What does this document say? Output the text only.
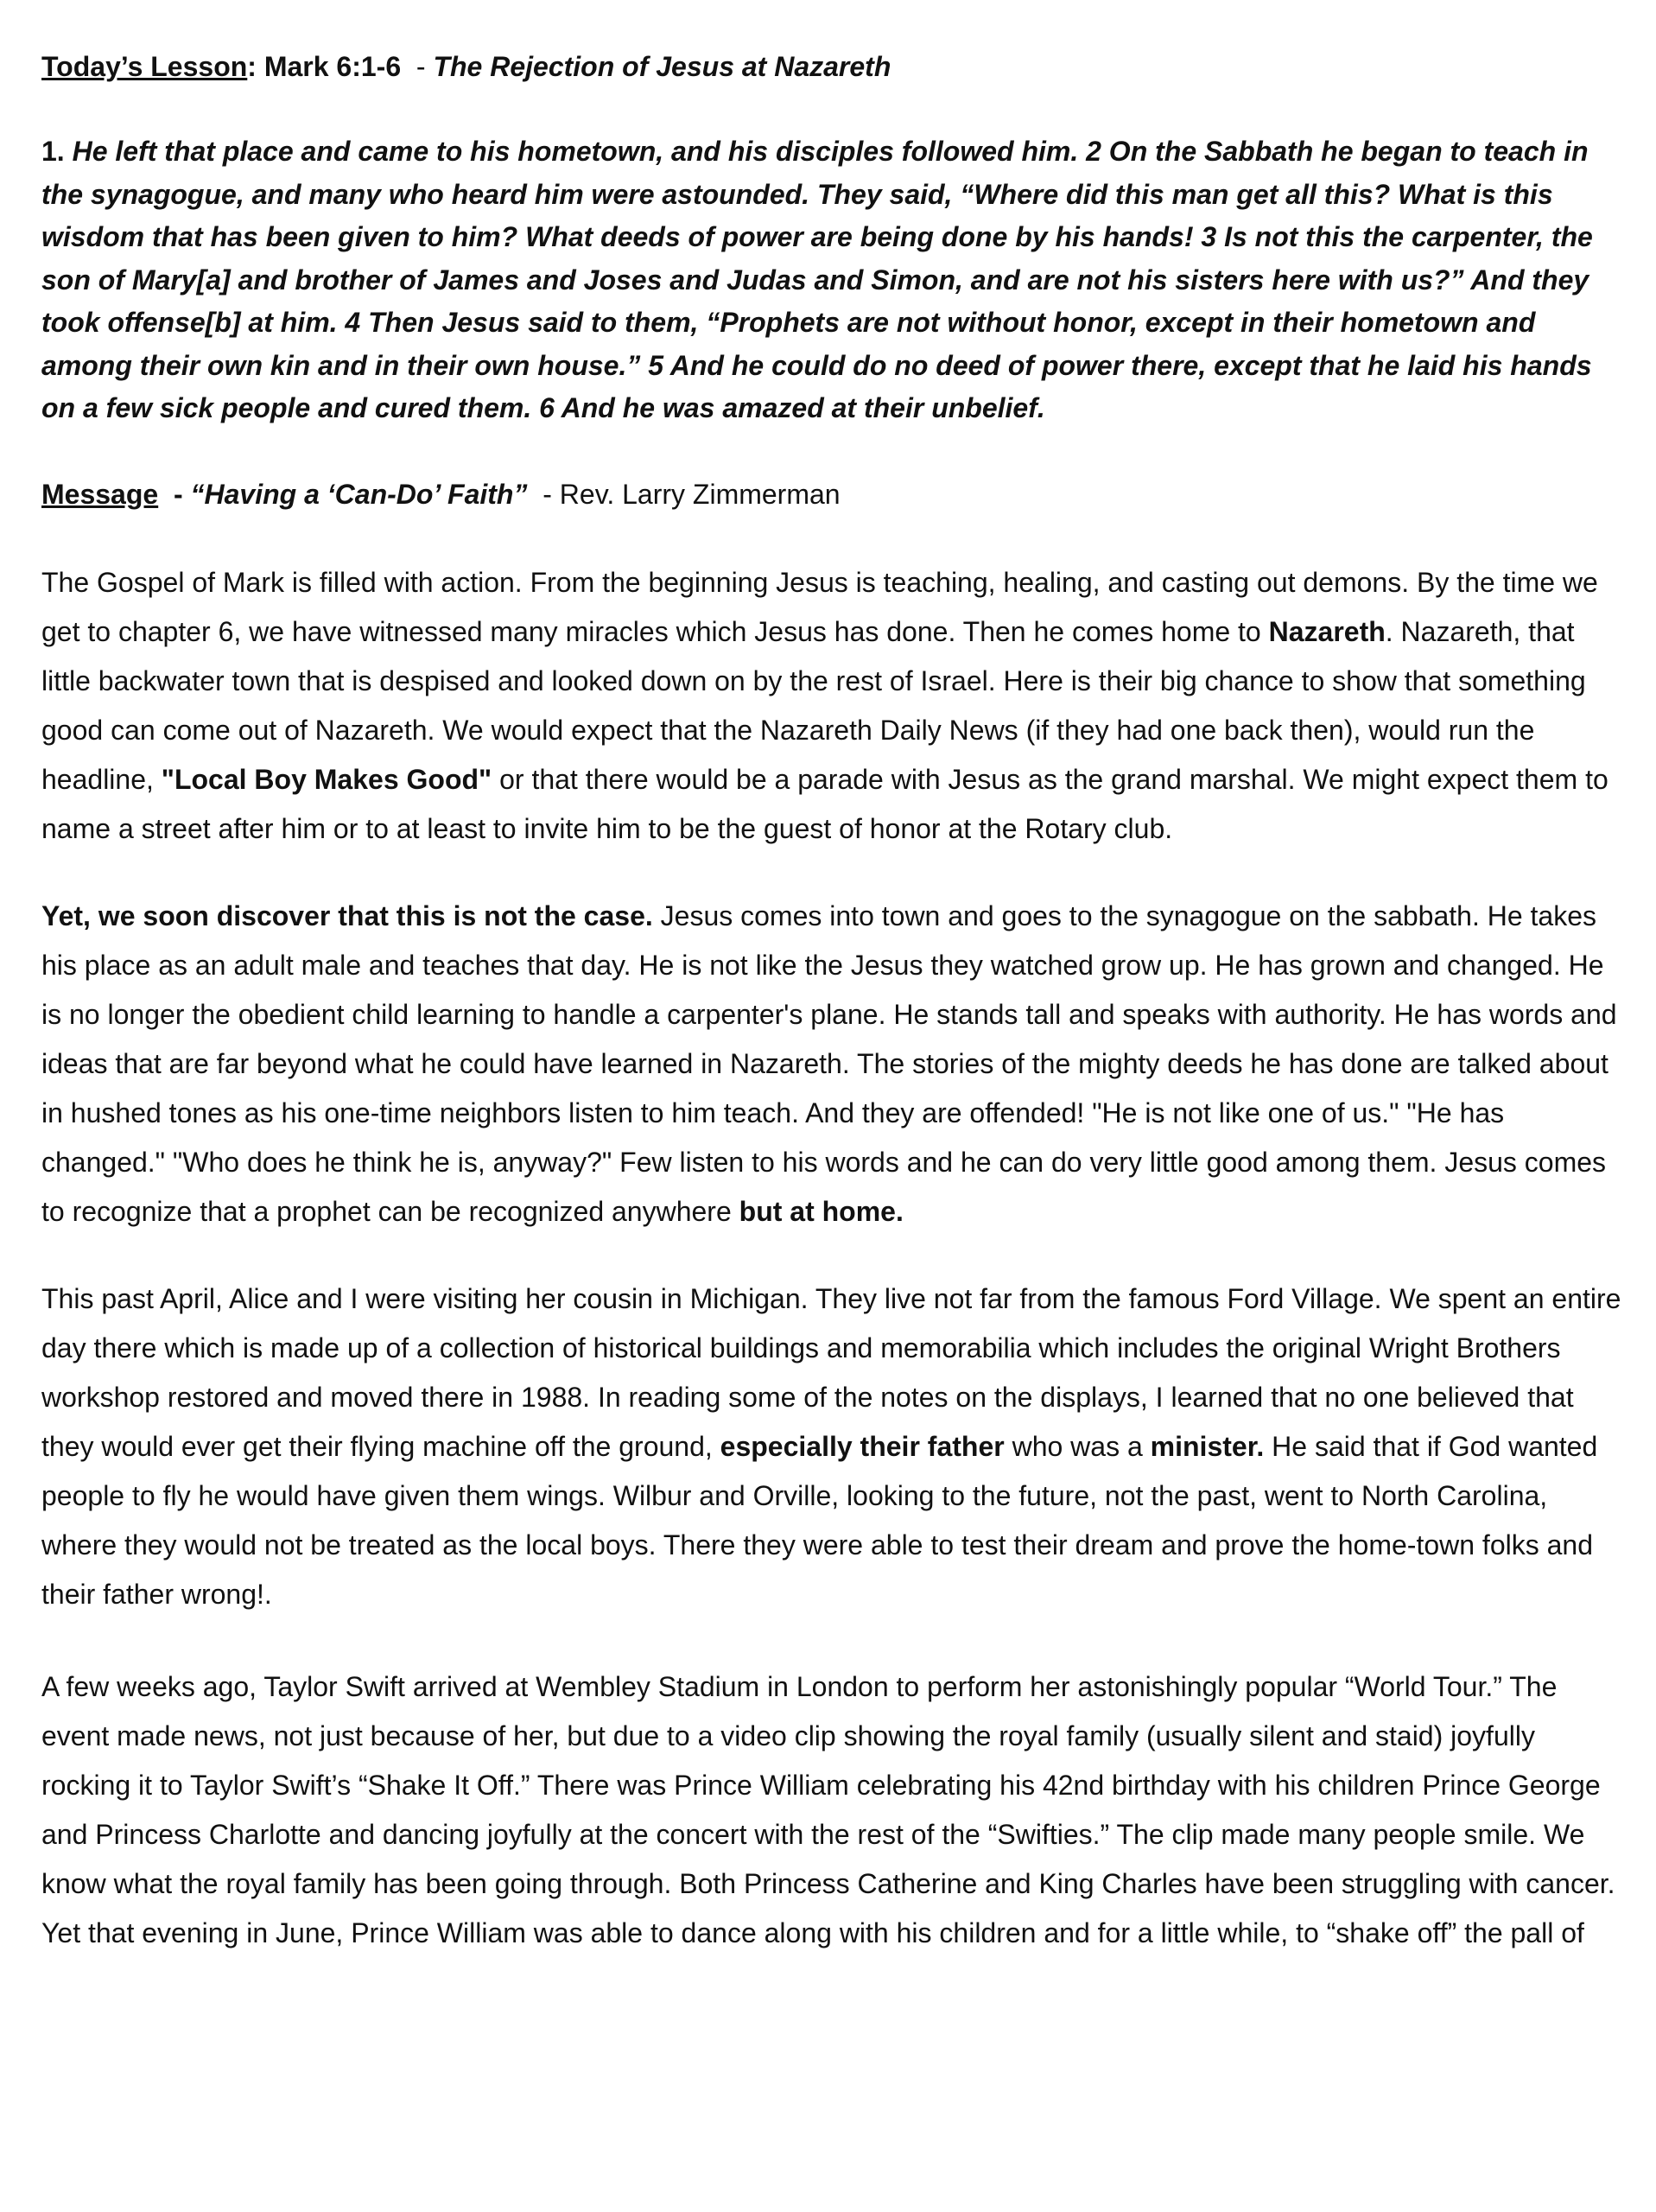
Today’s Lesson: Mark 6:1-6  - The Rejection of Jesus at Nazareth
1. He left that place and came to his hometown, and his disciples followed him. 2 On the Sabbath he began to teach in the synagogue, and many who heard him were astounded. They said, “Where did this man get all this? What is this wisdom that has been given to him? What deeds of power are being done by his hands! 3 Is not this the carpenter, the son of Mary[a] and brother of James and Joses and Judas and Simon, and are not his sisters here with us?” And they took offense[b] at him. 4 Then Jesus said to them, “Prophets are not without honor, except in their hometown and among their own kin and in their own house.” 5 And he could do no deed of power there, except that he laid his hands on a few sick people and cured them. 6 And he was amazed at their unbelief.
Message  - “Having a ‘Can-Do’ Faith”  - Rev. Larry Zimmerman
The Gospel of Mark is filled with action. From the beginning Jesus is teaching, healing, and casting out demons. By the time we get to chapter 6, we have witnessed many miracles which Jesus has done. Then he comes home to Nazareth. Nazareth, that little backwater town that is despised and looked down on by the rest of Israel. Here is their big chance to show that something good can come out of Nazareth. We would expect that the Nazareth Daily News (if they had one back then), would run the headline, "Local Boy Makes Good" or that there would be a parade with Jesus as the grand marshal. We might expect them to name a street after him or to at least to invite him to be the guest of honor at the Rotary club.
Yet, we soon discover that this is not the case. Jesus comes into town and goes to the synagogue on the sabbath. He takes his place as an adult male and teaches that day. He is not like the Jesus they watched grow up. He has grown and changed. He is no longer the obedient child learning to handle a carpenter's plane. He stands tall and speaks with authority. He has words and ideas that are far beyond what he could have learned in Nazareth. The stories of the mighty deeds he has done are talked about in hushed tones as his one-time neighbors listen to him teach. And they are offended! "He is not like one of us." "He has changed." "Who does he think he is, anyway?" Few listen to his words and he can do very little good among them. Jesus comes to recognize that a prophet can be recognized anywhere but at home.
This past April, Alice and I were visiting her cousin in Michigan. They live not far from the famous Ford Village. We spent an entire day there which is made up of a collection of historical buildings and memorabilia which includes the original Wright Brothers workshop restored and moved there in 1988. In reading some of the notes on the displays, I learned that no one believed that they would ever get their flying machine off the ground, especially their father who was a minister. He said that if God wanted people to fly he would have given them wings. Wilbur and Orville, looking to the future, not the past, went to North Carolina, where they would not be treated as the local boys. There they were able to test their dream and prove the home-town folks and their father wrong!.
A few weeks ago, Taylor Swift arrived at Wembley Stadium in London to perform her astonishingly popular “World Tour.” The event made news, not just because of her, but due to a video clip showing the royal family (usually silent and staid) joyfully rocking it to Taylor Swift’s “Shake It Off.” There was Prince William celebrating his 42nd birthday with his children Prince George and Princess Charlotte and dancing joyfully at the concert with the rest of the “Swifties.” The clip made many people smile. We know what the royal family has been going through. Both Princess Catherine and King Charles have been struggling with cancer. Yet that evening in June, Prince William was able to dance along with his children and for a little while, to “shake off” the pall of
